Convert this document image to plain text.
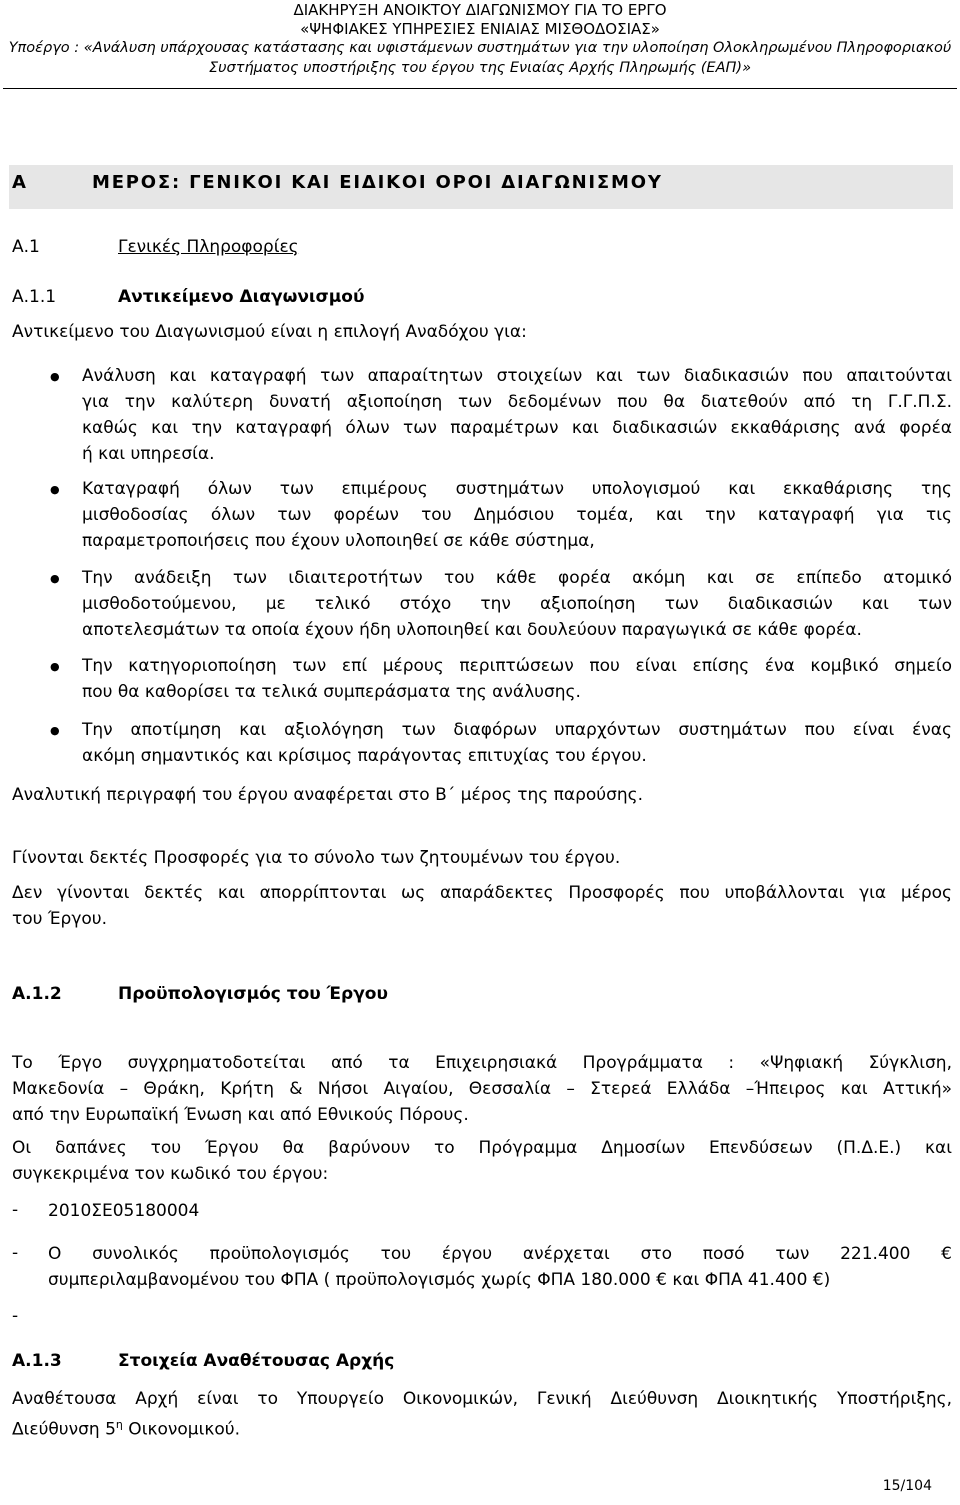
ΔΙΑΚΗΡΥΞΗ ΑΝΟΙΚΤΟΥ ΔΙΑΓΩΝΙΣΜΟΥ ΓΙΑ ΤΟ ΕΡΓΟ
«ΨΗΦΙΑΚΕΣ ΥΠΗΡΕΣΙΕΣ ΕΝΙΑΙΑΣ ΜΙΣΘΟΔΟΣΙΑΣ»
Υποέργο : «Ανάλυση υπάρχουσας κατάστασης και υφιστάμενων συστημάτων για την υλοποίηση Ολοκληρωμένου Πληροφοριακού
Συστήματος υποστήριξης του έργου της Ενιαίας Αρχής Πληρωμής (ΕΑΠ)»
Α	ΜΕΡΟΣ: ΓΕΝΙΚΟΙ ΚΑΙ ΕΙΔΙΚΟΙ ΟΡΟΙ ΔΙΑΓΩΝΙΣΜΟΥ
Α.1	Γενικές Πληροφορίες
Α.1.1	Αντικείμενο Διαγωνισμού
Αντικείμενο του Διαγωνισμού είναι η επιλογή Αναδόχου για:
● Ανάλυση και καταγραφή των απαραίτητων στοιχείων και των διαδικασιών που απαιτούνται
για την καλύτερη δυνατή αξιοποίηση των δεδομένων που θα διατεθούν από τη Γ.Γ.Π.Σ.
καθώς και την καταγραφή όλων των παραμέτρων και διαδικασιών εκκαθάρισης ανά φορέα
ή και υπηρεσία.
● Καταγραφή όλων των επιμέρους συστημάτων υπολογισμού και εκκαθάρισης της
μισθοδοσίας όλων των φορέων του Δημόσιου τομέα, και την καταγραφή για τις
παραμετροποιήσεις που έχουν υλοποιηθεί σε κάθε σύστημα,
● Την ανάδειξη των ιδιαιτεροτήτων του κάθε φορέα ακόμη και σε επίπεδο ατομικό
μισθοδοτούμενου, με τελικό στόχο την αξιοποίηση των διαδικασιών και των
αποτελεσμάτων τα οποία έχουν ήδη υλοποιηθεί και δουλεύουν παραγωγικά σε κάθε φορέα.
● Την κατηγοριοποίηση των επί μέρους περιπτώσεων που είναι επίσης ένα κομβικό σημείο
που θα καθορίσει τα τελικά συμπεράσματα της ανάλυσης.
● Την αποτίμηση και αξιολόγηση των διαφόρων υπαρχόντων συστημάτων που είναι ένας
ακόμη σημαντικός και κρίσιμος παράγοντας επιτυχίας του έργου.
Αναλυτική περιγραφή του έργου αναφέρεται στο Β΄ μέρος της παρούσης.
Γίνονται δεκτές Προσφορές για το σύνολο των ζητουμένων του έργου.
Δεν γίνονται δεκτές και απορρίπτονται ως απαράδεκτες Προσφορές που υποβάλλονται για μέρος
του Έργου.
Α.1.2	Προϋπολογισμός του Έργου
Το Έργο συγχρηματοδοτείται από τα Επιχειρησιακά Προγράμματα : «Ψηφιακή Σύγκλιση,
Μακεδονία – Θράκη, Κρήτη & Νήσοι Αιγαίου, Θεσσαλία – Στερεά Ελλάδα –Ήπειρος και Αττική»
από την Ευρωπαϊκή Ένωση και από Εθνικούς Πόρους.
Οι δαπάνες του Έργου θα βαρύνουν το Πρόγραμμα Δημοσίων Επενδύσεων (Π.Δ.Ε.) και
συγκεκριμένα τον κωδικό του έργου:
- 2010ΣΕ05180004
- Ο συνολικός προϋπολογισμός του έργου ανέρχεται στο ποσό των 221.400 €
συμπεριλαμβανομένου του ΦΠΑ ( προϋπολογισμός χωρίς ΦΠΑ 180.000 € και ΦΠΑ 41.400 €)
-
Α.1.3	Στοιχεία Αναθέτουσας Αρχής
Αναθέτουσα Αρχή είναι το Υπουργείο Οικονομικών, Γενική Διεύθυνση Διοικητικής Υποστήριξης,
Διεύθυνση $5^\eta$ Οικονομικού.
15/104
